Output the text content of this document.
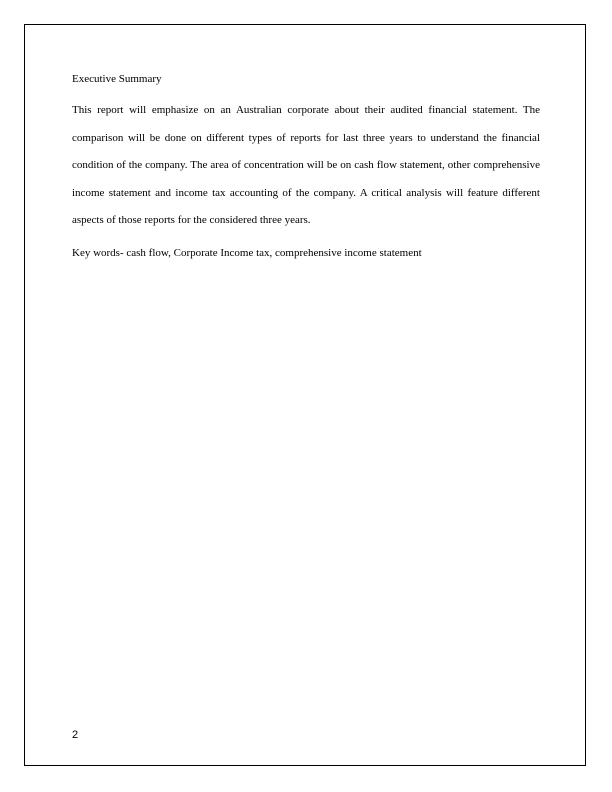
Executive Summary

This report will emphasize on an Australian corporate about their audited financial statement. The comparison will be done on different types of reports for last three years to understand the financial condition of the company. The area of concentration will be on cash flow statement, other comprehensive income statement and income tax accounting of the company. A critical analysis will feature different aspects of those reports for the considered three years.

Key words- cash flow, Corporate Income tax, comprehensive income statement

2
